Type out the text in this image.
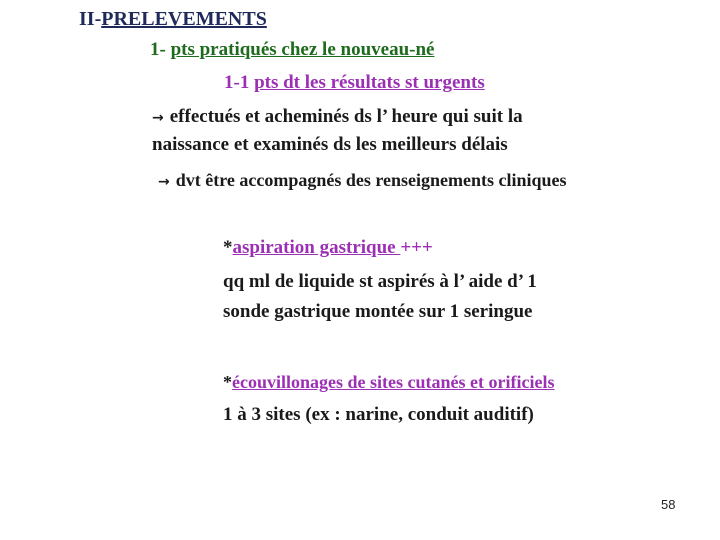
II-PRELEVEMENTS
1- pts pratiqués chez le nouveau-né
1-1 pts dt les résultats st urgents
→ effectués et acheminés ds l’ heure qui suit la
naissance et examinés ds les meilleurs délais
→ dvt être accompagnés des renseignements cliniques
*aspiration gastrique +++
qq ml de liquide st aspirés à l’ aide d’ 1
sonde gastrique montée sur 1 seringue
*écouvillonages de sites cutanés et orificiels
1 à 3 sites (ex : narine, conduit auditif)
58
